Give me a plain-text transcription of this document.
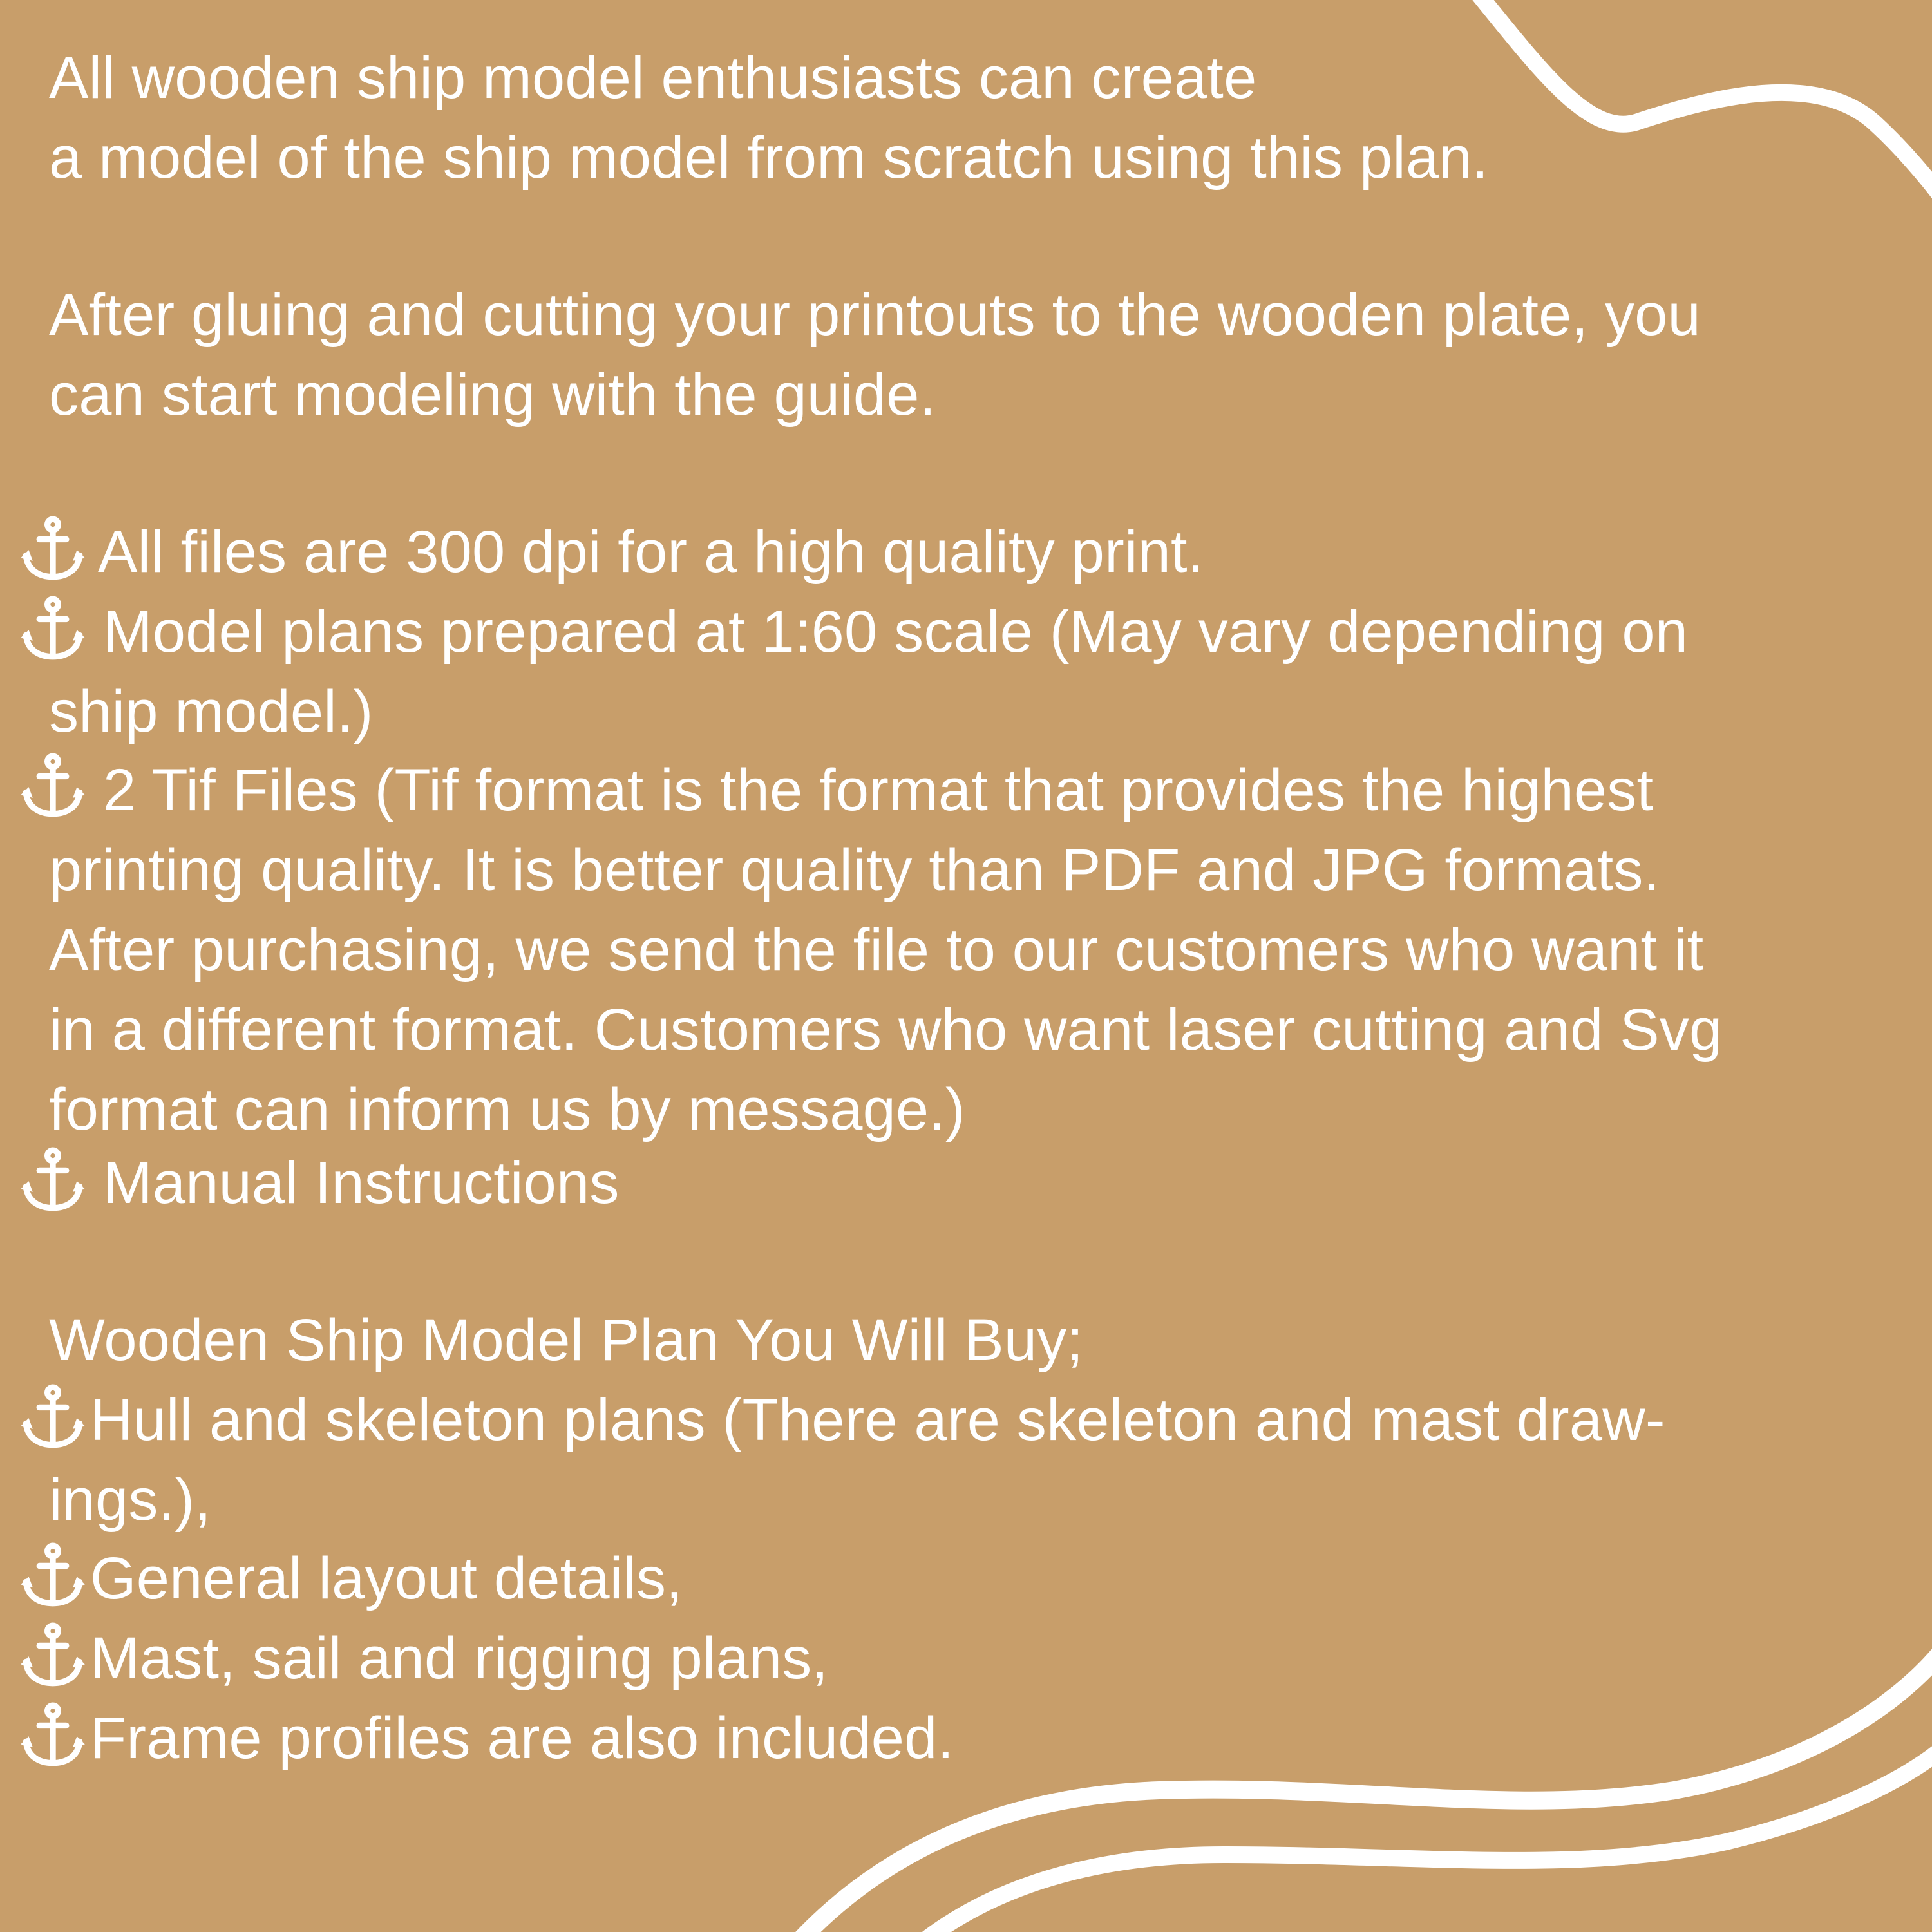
All wooden ship model enthusiasts can create
a model of the ship model from scratch using this plan.
After gluing and cutting your printouts to the wooden plate, you
can start modeling with the guide.
All files are 300 dpi for a high quality print.
Model plans prepared at 1:60 scale (May vary depending on
ship model.)
2 Tif Files (Tif format is the format that provides the highest
printing quality. It is better quality than PDF and JPG formats.
After purchasing, we send the file to our customers who want it
in a different format. Customers who want laser cutting and Svg
format can inform us by message.)
Manual Instructions
Wooden Ship Model Plan You Will Buy;
Hull and skeleton plans (There are skeleton and mast draw-
ings.),
General layout details,
Mast, sail and rigging plans,
Frame profiles are also included.
